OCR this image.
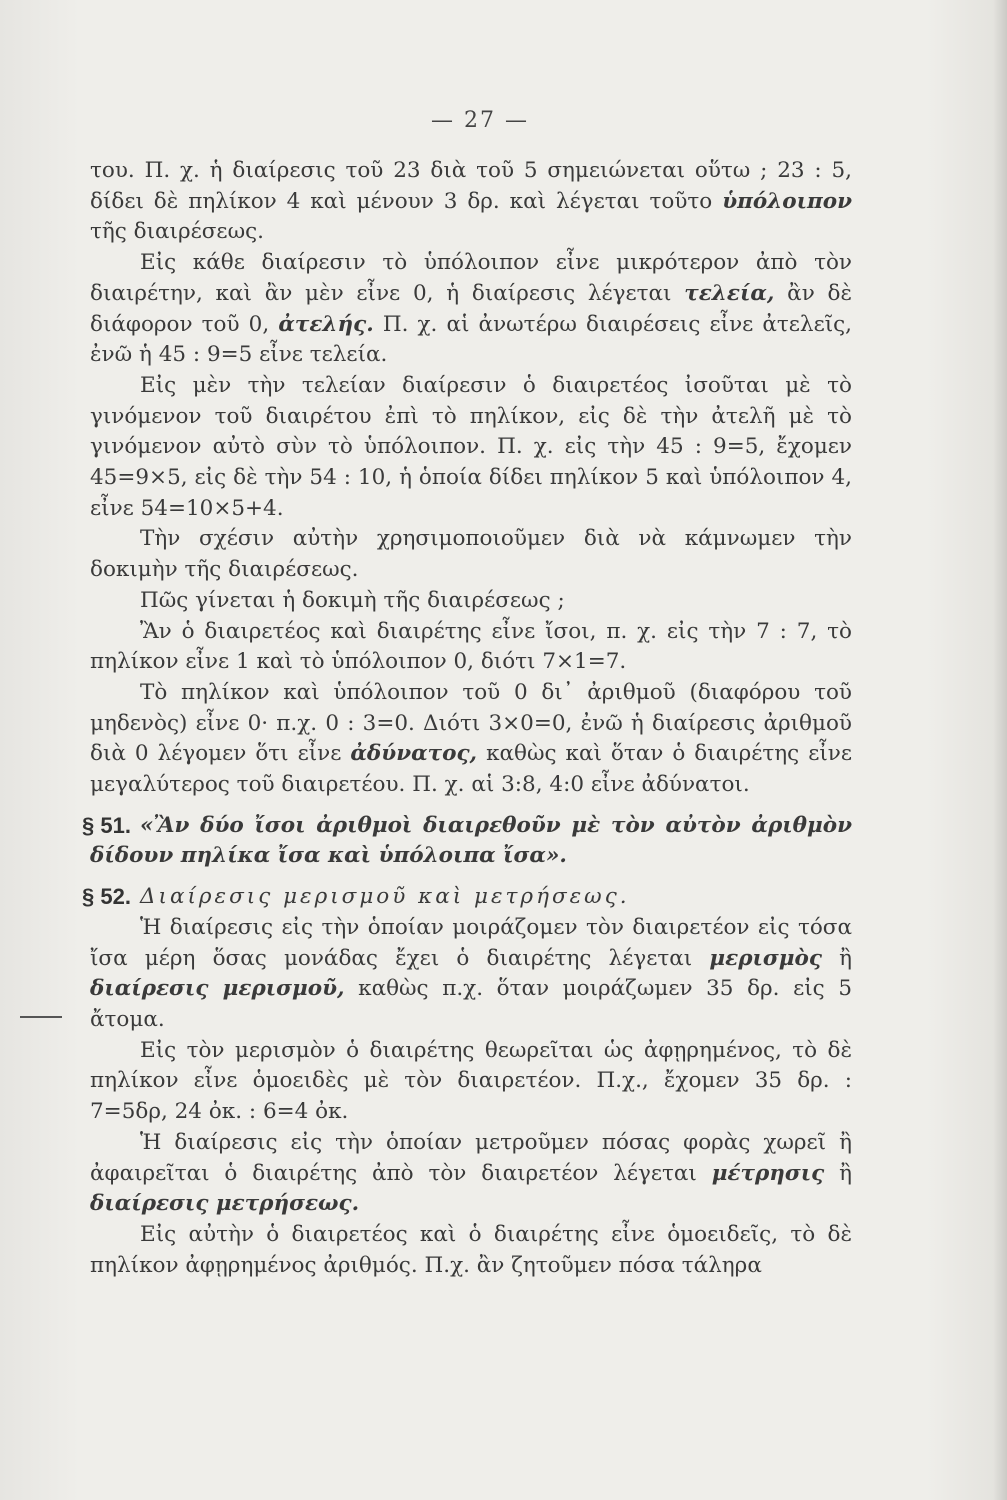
— 27 —

του. Π. χ. ἡ διαίρεσις τοῦ 23 διὰ τοῦ 5 σημειώνεται οὕτω ; 23 : 5, δίδει δὲ πηλίκον 4 καὶ μένουν 3 δρ. καὶ λέγεται τοῦτο ὑπόλοιπον τῆς διαιρέσεως.

Εἰς κάθε διαίρεσιν τὸ ὑπόλοιπον εἶνε μικρότερον ἀπὸ τὸν διαιρέτην, καὶ ἂν μὲν εἶνε 0, ἡ διαίρεσις λέγεται τελεία, ἂν δὲ διάφορον τοῦ 0, ἀτελής. Π. χ. αἱ ἀνωτέρω διαιρέσεις εἶνε ἀτελεῖς, ἐνῶ ἡ 45 : 9=5 εἶνε τελεία.

Εἰς μὲν τὴν τελείαν διαίρεσιν ὁ διαιρετέος ἰσοῦται μὲ τὸ γινόμενον τοῦ διαιρέτου ἐπὶ τὸ πηλίκον, εἰς δὲ τὴν ἀτελῆ μὲ τὸ γινόμενον αὐτὸ σὺν τὸ ὑπόλοιπον. Π. χ. εἰς τὴν 45 : 9=5, ἔχομεν 45=9×5, εἰς δὲ τὴν 54 : 10, ἡ ὁποία δίδει πηλίκον 5 καὶ ὑπόλοιπον 4, εἶνε 54=10×5+4.

Τὴν σχέσιν αὐτὴν χρησιμοποιοῦμεν διὰ νὰ κάμνωμεν τὴν δοκιμὴν τῆς διαιρέσεως.

Πῶς γίνεται ἡ δοκιμὴ τῆς διαιρέσεως ;

Ἂν ὁ διαιρετέος καὶ διαιρέτης εἶνε ἴσοι, π. χ. εἰς τὴν 7 : 7, τὸ πηλίκον εἶνε 1 καὶ τὸ ὑπόλοιπον 0, διότι 7×1=7.

Τὸ πηλίκον καὶ ὑπόλοιπον τοῦ 0 δι᾿ ἀριθμοῦ (διαφόρου τοῦ μηδενὸς) εἶνε 0· π.χ. 0 : 3=0. Διότι 3×0=0, ἐνῶ ἡ διαίρεσις ἀριθμοῦ διὰ 0 λέγομεν ὅτι εἶνε ἀδύνατος, καθὼς καὶ ὅταν ὁ διαιρέτης εἶνε μεγαλύτερος τοῦ διαιρετέου. Π. χ. αἱ 3:8, 4:0 εἶνε ἀδύνατοι.

§ 51. «Ἂν δύο ἴσοι ἀριθμοὶ διαιρεθοῦν μὲ τὸν αὐτὸν ἀριθμὸν δίδουν πηλίκα ἴσα καὶ ὑπόλοιπα ἴσα».

§ 52. Διαίρεσις μερισμοῦ καὶ μετρήσεως.

Ἡ διαίρεσις εἰς τὴν ὁποίαν μοιράζομεν τὸν διαιρετέον εἰς τόσα ἴσα μέρη ὅσας μονάδας ἔχει ὁ διαιρέτης λέγεται μερισμὸς ἢ διαίρεσις μερισμοῦ, καθὼς π.χ. ὅταν μοιράζωμεν 35 δρ. εἰς 5 ἄτομα.

Εἰς τὸν μερισμὸν ὁ διαιρέτης θεωρεῖται ὡς ἀφῃρημένος, τὸ δὲ πηλίκον εἶνε ὁμοειδὲς μὲ τὸν διαιρετέον. Π.χ., ἔχομεν 35 δρ. : 7=5δρ, 24 ὀκ. : 6=4 ὀκ.

Ἡ διαίρεσις εἰς τὴν ὁποίαν μετροῦμεν πόσας φορὰς χωρεῖ ἢ ἀφαιρεῖται ὁ διαιρέτης ἀπὸ τὸν διαιρετέον λέγεται μέτρησις ἢ διαίρεσις μετρήσεως.

Εἰς αὐτὴν ὁ διαιρετέος καὶ ὁ διαιρέτης εἶνε ὁμοειδεῖς, τὸ δὲ πηλίκον ἀφῃρημένος ἀριθμός. Π.χ. ἂν ζητοῦμεν πόσα τάληρα
